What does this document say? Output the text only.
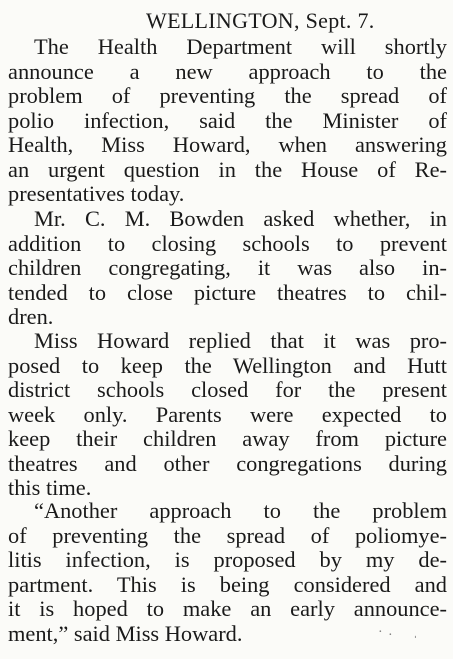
WELLINGTON, Sept. 7.
The Health Department will shortly
announce a new approach to the
problem of preventing the spread of
polio infection, said the Minister of
Health, Miss Howard, when answering
an urgent question in the House of Re-
presentatives today.
Mr. C. M. Bowden asked whether, in
addition to closing schools to prevent
children congregating, it was also in-
tended to close picture theatres to chil-
dren.
Miss Howard replied that it was pro-
posed to keep the Wellington and Hutt
district schools closed for the present
week only. Parents were expected to
keep their children away from picture
theatres and other congregations during
this time.
“Another approach to the problem
of preventing the spread of poliomye-
litis infection, is proposed by my de-
partment. This is being considered and
it is hoped to make an early announce-
ment,” said Miss Howard.	· · ˌ
